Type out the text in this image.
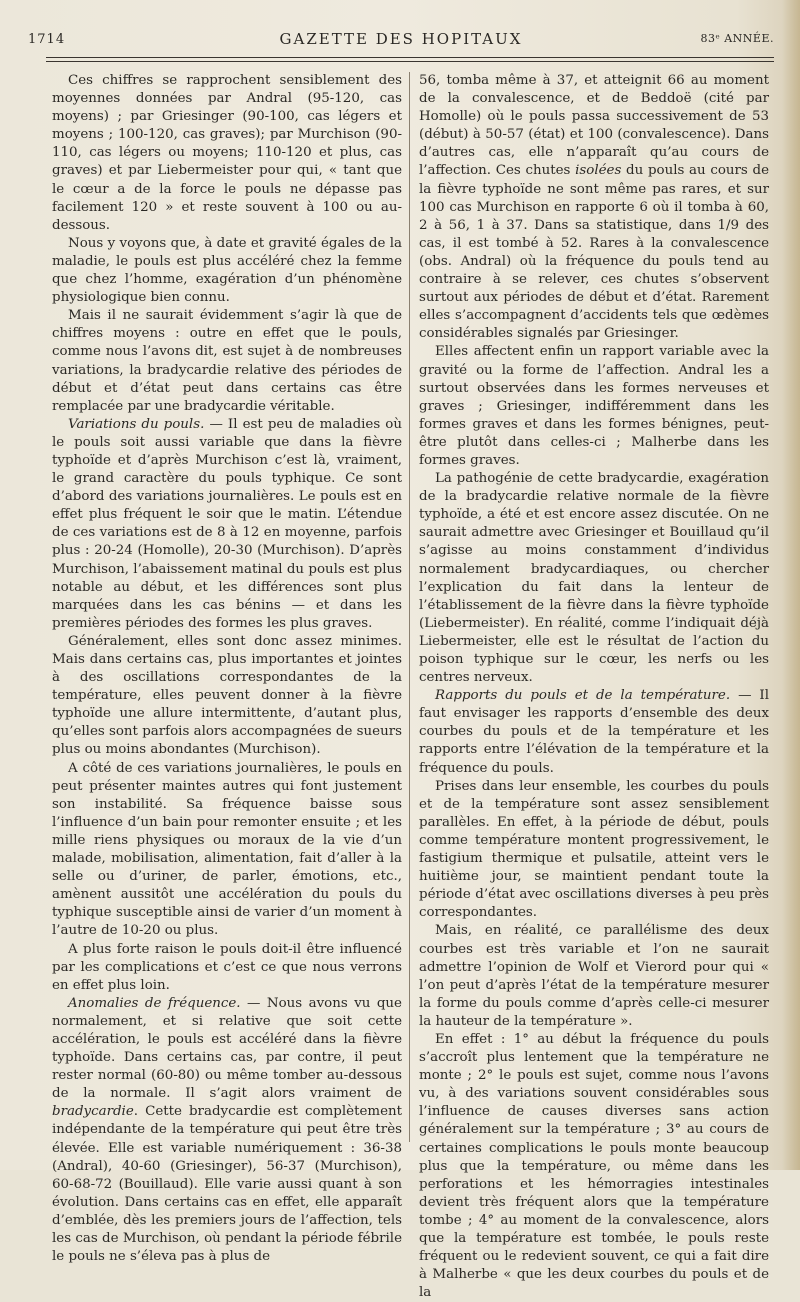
1714	GAZETTE DES HOPITAUX	83ᵉ ANNÉE.

Ces chiffres se rapprochent sensiblement des moyennes données par Andral (95-120, cas moyens) ; par Griesinger (90-100, cas légers et moyens ; 100-120, cas graves); par Murchison (90-110, cas légers ou moyens; 110-120 et plus, cas graves) et par Liebermeister pour qui, « tant que le cœur a de la force le pouls ne dépasse pas facilement 120 » et reste souvent à 100 ou au-dessous.

Nous y voyons que, à date et gravité égales de la maladie, le pouls est plus accéléré chez la femme que chez l’homme, exagération d’un phénomène physiologique bien connu.

Mais il ne saurait évidemment s’agir là que de chiffres moyens : outre en effet que le pouls, comme nous l’avons dit, est sujet à de nombreuses variations, la bradycardie relative des périodes de début et d’état peut dans certains cas être remplacée par une bradycardie véritable.

Variations du pouls. — Il est peu de maladies où le pouls soit aussi variable que dans la fièvre typhoïde et d’après Murchison c’est là, vraiment, le grand caractère du pouls typhique. Ce sont d’abord des variations journalières. Le pouls est en effet plus fréquent le soir que le matin. L’étendue de ces variations est de 8 à 12 en moyenne, parfois plus : 20-24 (Homolle), 20-30 (Murchison). D’après Murchison, l’abaissement matinal du pouls est plus notable au début, et les différences sont plus marquées dans les cas bénins — et dans les premières périodes des formes les plus graves.

Généralement, elles sont donc assez minimes. Mais dans certains cas, plus importantes et jointes à des oscillations correspondantes de la température, elles peuvent donner à la fièvre typhoïde une allure intermittente, d’autant plus, qu’elles sont parfois alors accompagnées de sueurs plus ou moins abondantes (Murchison).

A côté de ces variations journalières, le pouls en peut présenter maintes autres qui font justement son instabilité. Sa fréquence baisse sous l’influence d’un bain pour remonter ensuite ; et les mille riens physiques ou moraux de la vie d’un malade, mobilisation, alimentation, fait d’aller à la selle ou d’uriner, de parler, émotions, etc., amènent aussitôt une accélération du pouls du typhique susceptible ainsi de varier d’un moment à l’autre de 10-20 ou plus.

A plus forte raison le pouls doit-il être influencé par les complications et c’est ce que nous verrons en effet plus loin.

Anomalies de fréquence. — Nous avons vu que normalement, et si relative que soit cette accélération, le pouls est accéléré dans la fièvre typhoïde. Dans certains cas, par contre, il peut rester normal (60-80) ou même tomber au-dessous de la normale. Il s’agit alors vraiment de bradycardie. Cette bradycardie est complètement indépendante de la température qui peut être très élevée. Elle est variable numériquement : 36-38 (Andral), 40-60 (Griesinger), 56-37 (Murchison), 60-68-72 (Bouillaud). Elle varie aussi quant à son évolution. Dans certains cas en effet, elle apparaît d’emblée, dès les premiers jours de l’affection, tels les cas de Murchison, où pendant la période fébrile le pouls ne s’éleva pas à plus de

56, tomba même à 37, et atteignit 66 au moment de la convalescence, et de Beddoë (cité par Homolle) où le pouls passa successivement de 53 (début) à 50-57 (état) et 100 (convalescence). Dans d’autres cas, elle n’apparaît qu’au cours de l’affection. Ces chutes isolées du pouls au cours de la fièvre typhoïde ne sont même pas rares, et sur 100 cas Murchison en rapporte 6 où il tomba à 60, 2 à 56, 1 à 37. Dans sa statistique, dans 1/9 des cas, il est tombé à 52. Rares à la convalescence (obs. Andral) où la fréquence du pouls tend au contraire à se relever, ces chutes s’observent surtout aux périodes de début et d’état. Rarement elles s’accompagnent d’accidents tels que œdèmes considérables signalés par Griesinger.

Elles affectent enfin un rapport variable avec la gravité ou la forme de l’affection. Andral les a surtout observées dans les formes nerveuses et graves ; Griesinger, indifféremment dans les formes graves et dans les formes bénignes, peut-être plutôt dans celles-ci ; Malherbe dans les formes graves.

La pathogénie de cette bradycardie, exagération de la bradycardie relative normale de la fièvre typhoïde, a été et est encore assez discutée. On ne saurait admettre avec Griesinger et Bouillaud qu’il s’agisse au moins constamment d’individus normalement bradycardiaques, ou chercher l’explication du fait dans la lenteur de l’établissement de la fièvre dans la fièvre typhoïde (Liebermeister). En réalité, comme l’indiquait déjà Liebermeister, elle est le résultat de l’action du poison typhique sur le cœur, les nerfs ou les centres nerveux.

Rapports du pouls et de la température. — Il faut envisager les rapports d’ensemble des deux courbes du pouls et de la température et les rapports entre l’élévation de la température et la fréquence du pouls.

Prises dans leur ensemble, les courbes du pouls et de la température sont assez sensiblement parallèles. En effet, à la période de début, pouls comme température montent progressivement, le fastigium thermique et pulsatile, atteint vers le huitième jour, se maintient pendant toute la période d’état avec oscillations diverses à peu près correspondantes.

Mais, en réalité, ce parallélisme des deux courbes est très variable et l’on ne saurait admettre l’opinion de Wolf et Vierord pour qui « l’on peut d’après l’état de la température mesurer la forme du pouls comme d’après celle-ci mesurer la hauteur de la température ».

En effet : 1° au début la fréquence du pouls s’accroît plus lentement que la température ne monte ; 2° le pouls est sujet, comme nous l’avons vu, à des variations souvent considérables sous l’influence de causes diverses sans action généralement sur la température ; 3° au cours de certaines complications le pouls monte beaucoup plus que la température, ou même dans les perforations et les hémorragies intestinales devient très fréquent alors que la température tombe ; 4° au moment de la convalescence, alors que la température est tombée, le pouls reste fréquent ou le redevient souvent, ce qui a fait dire à Malherbe « que les deux courbes du pouls et de la
